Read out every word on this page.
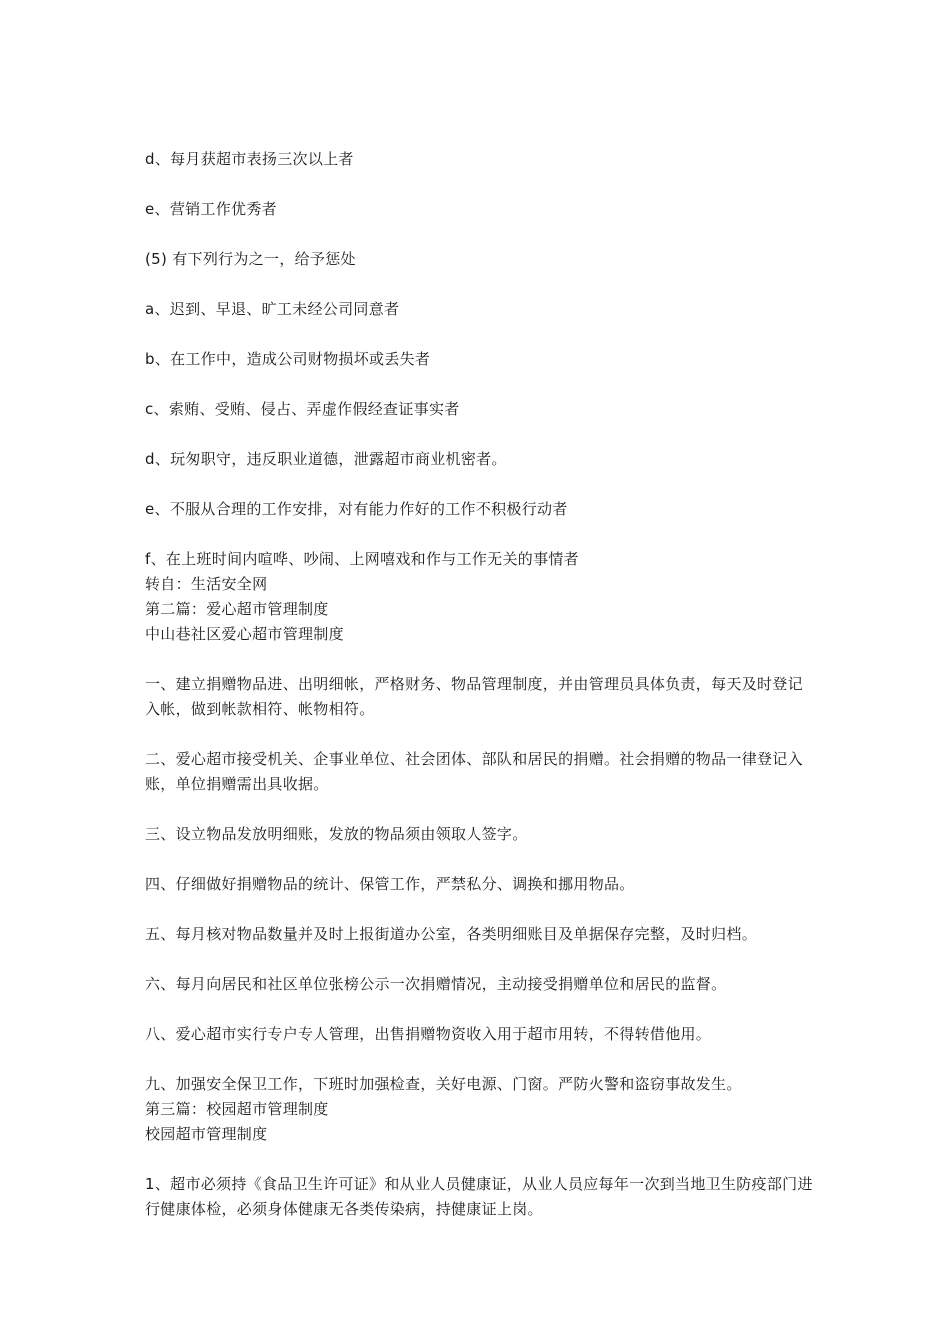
d、每月获超市表扬三次以上者
e、营销工作优秀者
(5) 有下列行为之一，给予惩处
a、迟到、早退、旷工未经公司同意者
b、在工作中，造成公司财物损坏或丢失者
c、索贿、受贿、侵占、弄虚作假经查证事实者
d、玩匆职守，违反职业道德，泄露超市商业机密者。
e、不服从合理的工作安排，对有能力作好的工作不积极行动者
f、在上班时间内喧哗、吵闹、上网嘻戏和作与工作无关的事情者
转自：生活安全网
第二篇：爱心超市管理制度
中山巷社区爱心超市管理制度
一、建立捐赠物品进、出明细帐，严格财务、物品管理制度，并由管理员具体负责，每天及时登记入帐，做到帐款相符、帐物相符。
二、爱心超市接受机关、企事业单位、社会团体、部队和居民的捐赠。社会捐赠的物品一律登记入账，单位捐赠需出具收据。
三、设立物品发放明细账，发放的物品须由领取人签字。
四、仔细做好捐赠物品的统计、保管工作，严禁私分、调换和挪用物品。
五、每月核对物品数量并及时上报街道办公室，各类明细账目及单据保存完整，及时归档。
六、每月向居民和社区单位张榜公示一次捐赠情况，主动接受捐赠单位和居民的监督。
八、爱心超市实行专户专人管理，出售捐赠物资收入用于超市用转，不得转借他用。
九、加强安全保卫工作，下班时加强检查，关好电源、门窗。严防火警和盗窃事故发生。
第三篇：校园超市管理制度
校园超市管理制度
1、超市必须持《食品卫生许可证》和从业人员健康证，从业人员应每年一次到当地卫生防疫部门进行健康体检，必须身体健康无各类传染病，持健康证上岗。
